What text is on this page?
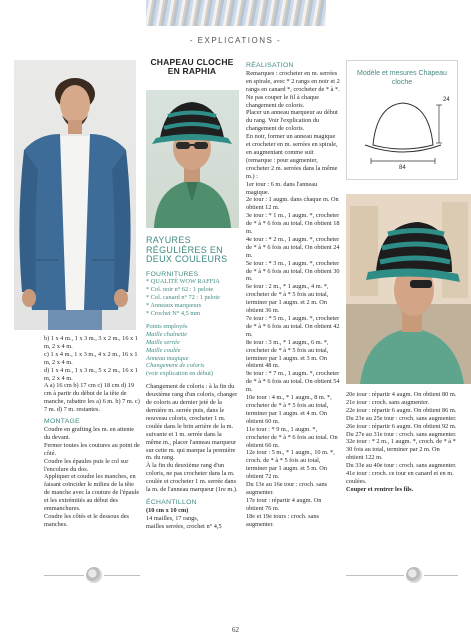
- EXPLICATIONS -

CHAPEAU CLOCHE EN RAPHIA

RAYURES RÉGULIÈRES EN DEUX COULEURS

FOURNITURES

* QUALITÉ WOW RAFFIA

* Col. noir n° 62 : 1 pelote

* Col. canard n° 72 : 1 pelote

* Anneaux marqueurs

* Crochet N° 4,5 mm

Points employés

Maille chaînette

Maille serrée

Maille coulée

Anneau magique

Changement de coloris

(voir explication en début)

Changement de coloris : à la fin du deuxième rang d'un coloris, changer de coloris au dernier jeté de la dernière m. serrée puis, dans le nouveau coloris, crocheter 1 m. coulée dans le brin arrière de la m. suivante et 1 m. serrée dans la même m., placer l'anneau marqueur sur cette m. qui marque la première m. du rang.

À la fin du deuxième rang d'un coloris, ne pas crocheter dans la m. coulée et crocheter 1 m. serrée dans la m. de l'anneau marqueur (1re m.).

ÉCHANTILLON

(10 cm x 10 cm)

14 mailles, 17 rangs,

mailles serrées, crochet n° 4,5

b) 1 x 4 m., 1 x 3 m., 3 x 2 m., 16 x 1 m, 2 x 4 m.

c) 1 x 4 m., 1 x 3 m., 4 x 2 m., 16 x 1 m, 2 x 4 m.

d) 1 x 4 m., 1 x 3 m., 5 x 2 m., 16 x 1 m, 2 x 4 m.

A a) 16 cm b) 17 cm c) 18 cm d) 19 cm à partir du début de la tête de manche, rabattre les a) 6 m. b) 7 m. c) 7 m. d) 7 m. restantes.

MONTAGE

Coudre en grafting les m. en attente du devant.

Fermer toutes les coutures au point de côté.

Coudre les épaules puis le col sur l'encolure du dos.

Appliquer et coudre les manches, en faisant coïncider le milieu de la tête de manche avec la couture de l'épaule et les extrémités au début des emmanchures.

Coudre les côtés et le dessous des manches.

RÉALISATION

Remarques : crocheter en m. serrées en spirale, avec * 2 rangs en noir et 2 rangs en canard *, crocheter de * à *.

Ne pas couper le fil à chaque changement de coloris.

Placer un anneau marqueur au début du rang. Voir l'explication du changement de coloris.

En noir, former un anneau magique et crocheter en m. serrées en spirale, en augmentant comme suit (remarque : pour augmenter, crocheter 2 m. serrées dans la même m.) :

1er tour : 6 m. dans l'anneau magique.

2e tour : 1 augm. dans chaque m. On obtient 12 m.

3e tour : * 1 m., 1 augm. *, crocheter de * à * 6 fois au total. On obtient 18 m.

4e tour : * 2 m., 1 augm. *, crocheter de * à * 6 fois au total. On obtient 24 m.

5e tour : * 3 m., 1 augm. *, crocheter de * à * 6 fois au total. On obtient 30 m.

6e tour : 2 m., * 1 augm., 4 m. *, crocheter de * à * 5 fois au total, terminer par 1 augm. et 2 m. On obtient 36 m.

7e tour : * 5 m., 1 augm. *, crocheter de * à * 6 fois au total. On obtient 42 m.

8e tour : 3 m., * 1 augm., 6 m. *, crocheter de * à * 5 fois au total, terminer par 1 augm. et 3 m. On obtient 48 m.

9e tour : * 7 m., 1 augm. *, crocheter de * à * 6 fois au total. On obtient 54 m.

10e tour : 4 m., * 1 augm., 8 m. *, crocheter de * à * 5 fois au total, terminer par 1 augm. et 4 m. On obtient 60 m.

11e tour : * 9 m., 1 augm. *, crocheter de * à * 6 fois au total. On obtient 66 m.

12e tour : 5 m., * 1 augm., 10 m. *, croch. de * à * 5 fois au total, terminer par 1 augm. et 5 m. On obtient 72 m.

Du 13e au 16e tour : croch. sans augmenter.

17e tour : répartir 4 augm. On obtient 76 m.

18e et 19e tours : croch. sans augmenter.

Modèle et mesures Chapeau cloche
24
84

20e tour : répartir 4 augm. On obtient 80 m.

21e tour : croch. sans augmenter.

22e tour : répartir 6 augm. On obtient 86 m.

Du 23e au 25e tour : croch. sans augmenter.

26e tour : répartir 6 augm. On obtient 92 m.

Du 27e au 31e tour : croch. sans augmenter.

32e tour : * 2 m., 1 augm. *, croch. de * à * 30 fois au total, terminer par 2 m. On obtient 122 m.

Du 33e au 40e tour : croch. sans augmenter.

41e tour : croch. ce tour en canard et en m. coulées.

Couper et rentrer les fils.

62
